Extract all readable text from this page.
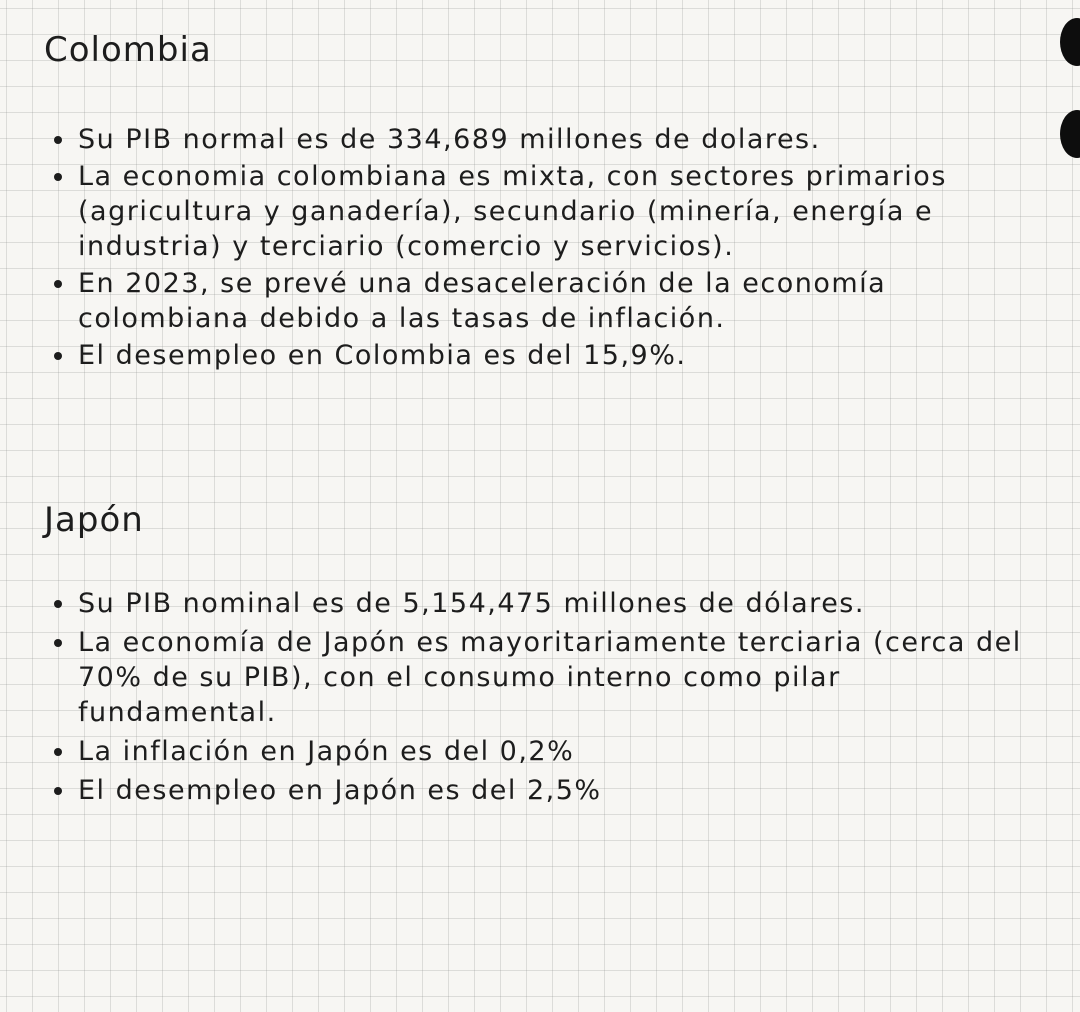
Colombia
Su PIB normal es de 334,689 millones de dolares.
La economia colombiana es mixta, con sectores primarios (agricultura y ganadería), secundario (minería, energía e industria) y terciario (comercio y servicios).
En 2023, se prevé una desaceleración de la economía colombiana debido a las tasas de inflación.
El desempleo en Colombia es del 15,9%.
Japón
Su PIB nominal es de 5,154,475 millones de dólares.
La economía de Japón es mayoritariamente terciaria (cerca del 70% de su PIB), con el consumo interno como pilar fundamental.
La inflación en Japón es del 0,2%
El desempleo en Japón es del 2,5%
